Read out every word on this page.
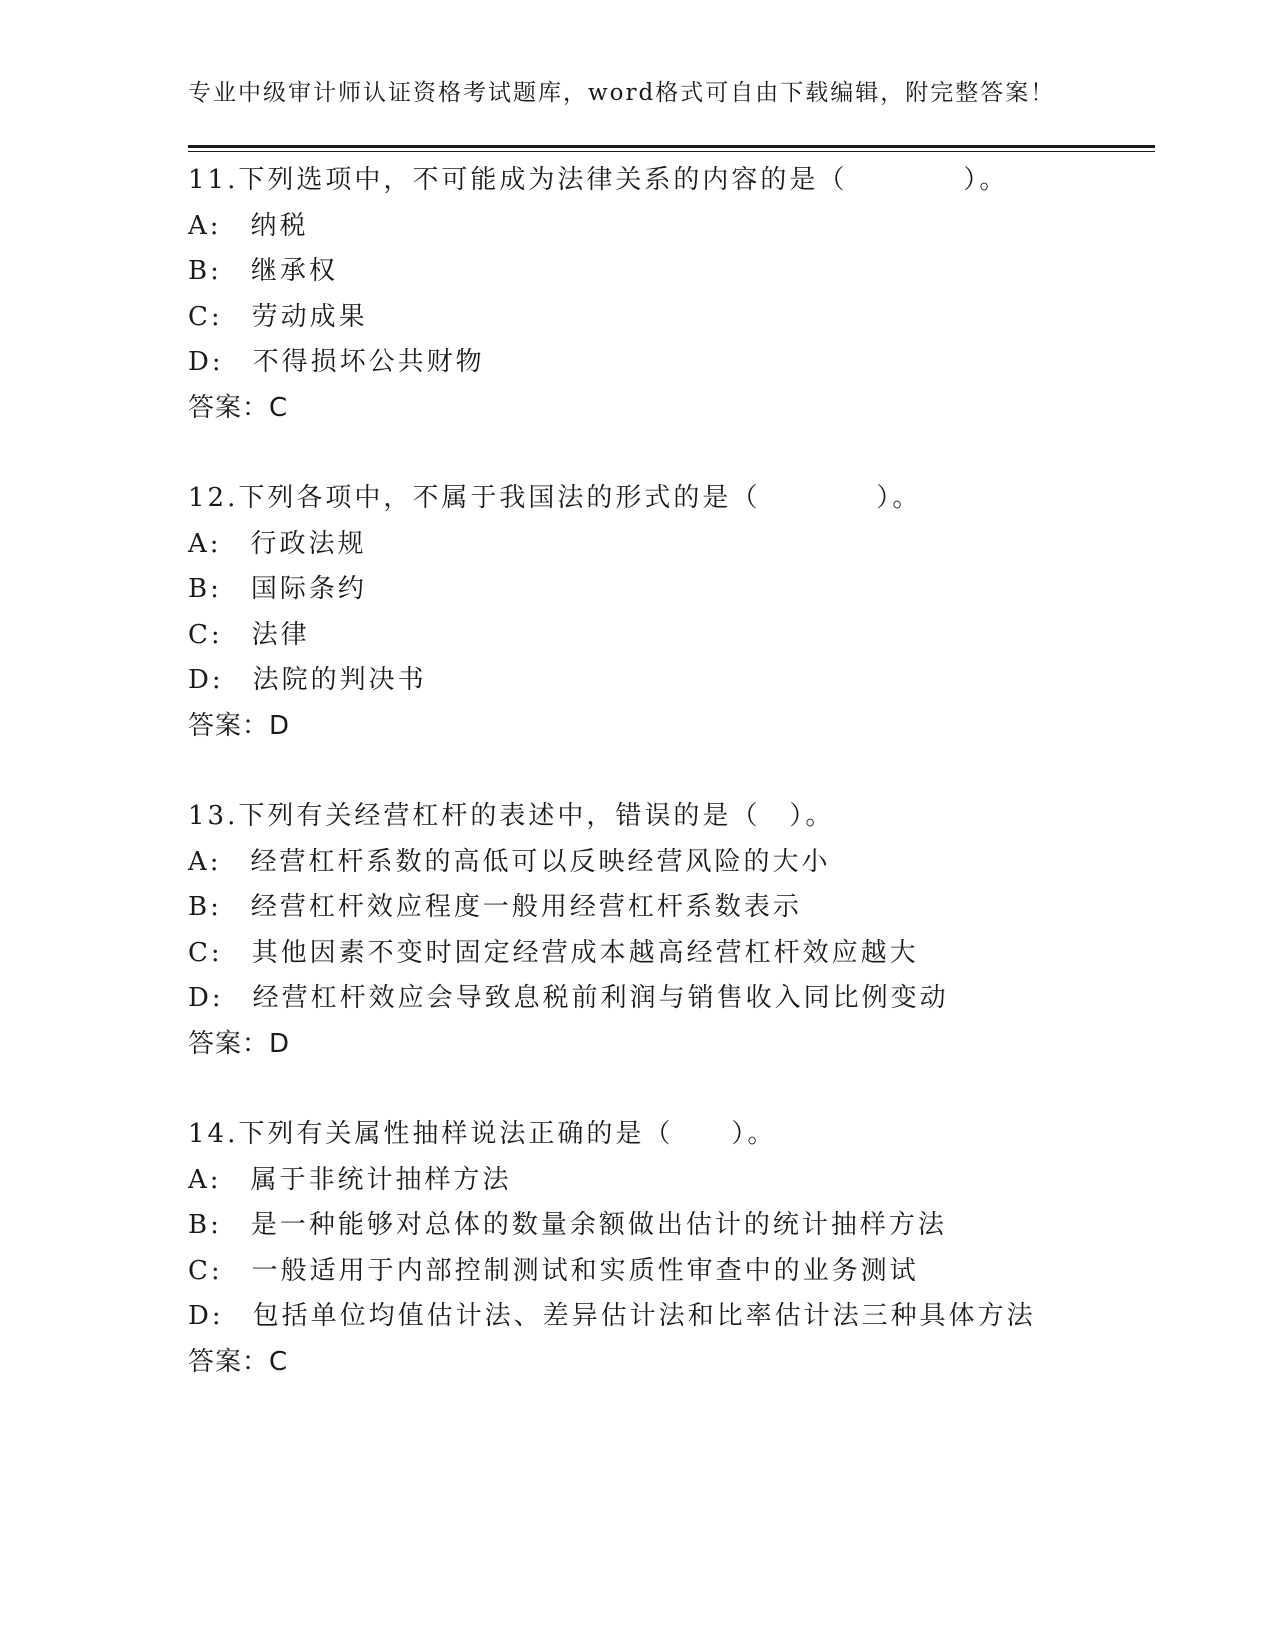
专业中级审计师认证资格考试题库，word格式可自由下载编辑，附完整答案！
11.下列选项中，不可能成为法律关系的内容的是（　　　　）。
A:　纳税
B:　继承权
C:　劳动成果
D:　不得损坏公共财物
答案：C
12.下列各项中，不属于我国法的形式的是（　　　　）。
A:　行政法规
B:　国际条约
C:　法律
D:　法院的判决书
答案：D
13.下列有关经营杠杆的表述中，错误的是（　）。
A:　经营杠杆系数的高低可以反映经营风险的大小
B:　经营杠杆效应程度一般用经营杠杆系数表示
C:　其他因素不变时固定经营成本越高经营杠杆效应越大
D:　经营杠杆效应会导致息税前利润与销售收入同比例变动
答案：D
14.下列有关属性抽样说法正确的是（　　）。
A:　属于非统计抽样方法
B:　是一种能够对总体的数量余额做出估计的统计抽样方法
C:　一般适用于内部控制测试和实质性审查中的业务测试
D:　包括单位均值估计法、差异估计法和比率估计法三种具体方法
答案：C
